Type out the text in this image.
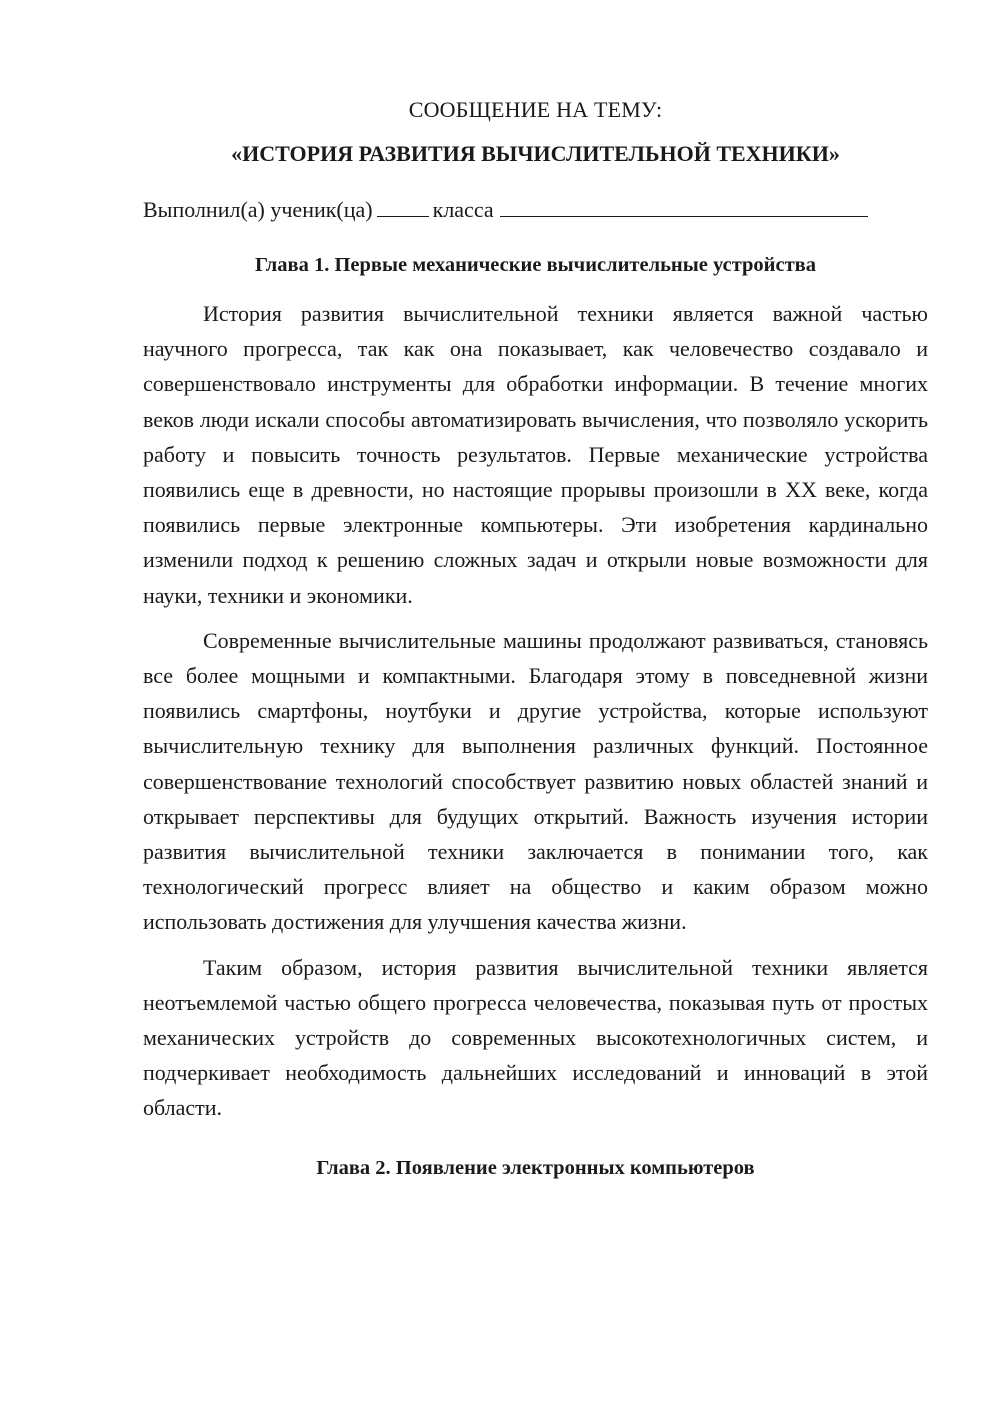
СООБЩЕНИЕ НА ТЕМУ:

«ИСТОРИЯ РАЗВИТИЯ ВЫЧИСЛИТЕЛЬНОЙ ТЕХНИКИ»

Выполнил(а) ученик(ца)	класса

Глава 1. Первые механические вычислительные устройства

История развития вычислительной техники является важной частью научного прогресса, так как она показывает, как человечество создавало и совершенствовало инструменты для обработки информации. В течение многих веков люди искали способы автоматизировать вычисления, что позволяло ускорить работу и повысить точность результатов. Первые механические устройства появились еще в древности, но настоящие прорывы произошли в XX веке, когда появились первые электронные компьютеры. Эти изобретения кардинально изменили подход к решению сложных задач и открыли новые возможности для науки, техники и экономики.

Современные вычислительные машины продолжают развиваться, становясь все более мощными и компактными. Благодаря этому в повседневной жизни появились смартфоны, ноутбуки и другие устройства, которые используют вычислительную технику для выполнения различных функций. Постоянное совершенствование технологий способствует развитию новых областей знаний и открывает перспективы для будущих открытий. Важность изучения истории развития вычислительной техники заключается в понимании того, как технологический прогресс влияет на общество и каким образом можно использовать достижения для улучшения качества жизни.

Таким образом, история развития вычислительной техники является неотъемлемой частью общего прогресса человечества, показывая путь от простых механических устройств до современных высокотехнологичных систем, и подчеркивает необходимость дальнейших исследований и инноваций в этой области.

Глава 2. Появление электронных компьютеров
